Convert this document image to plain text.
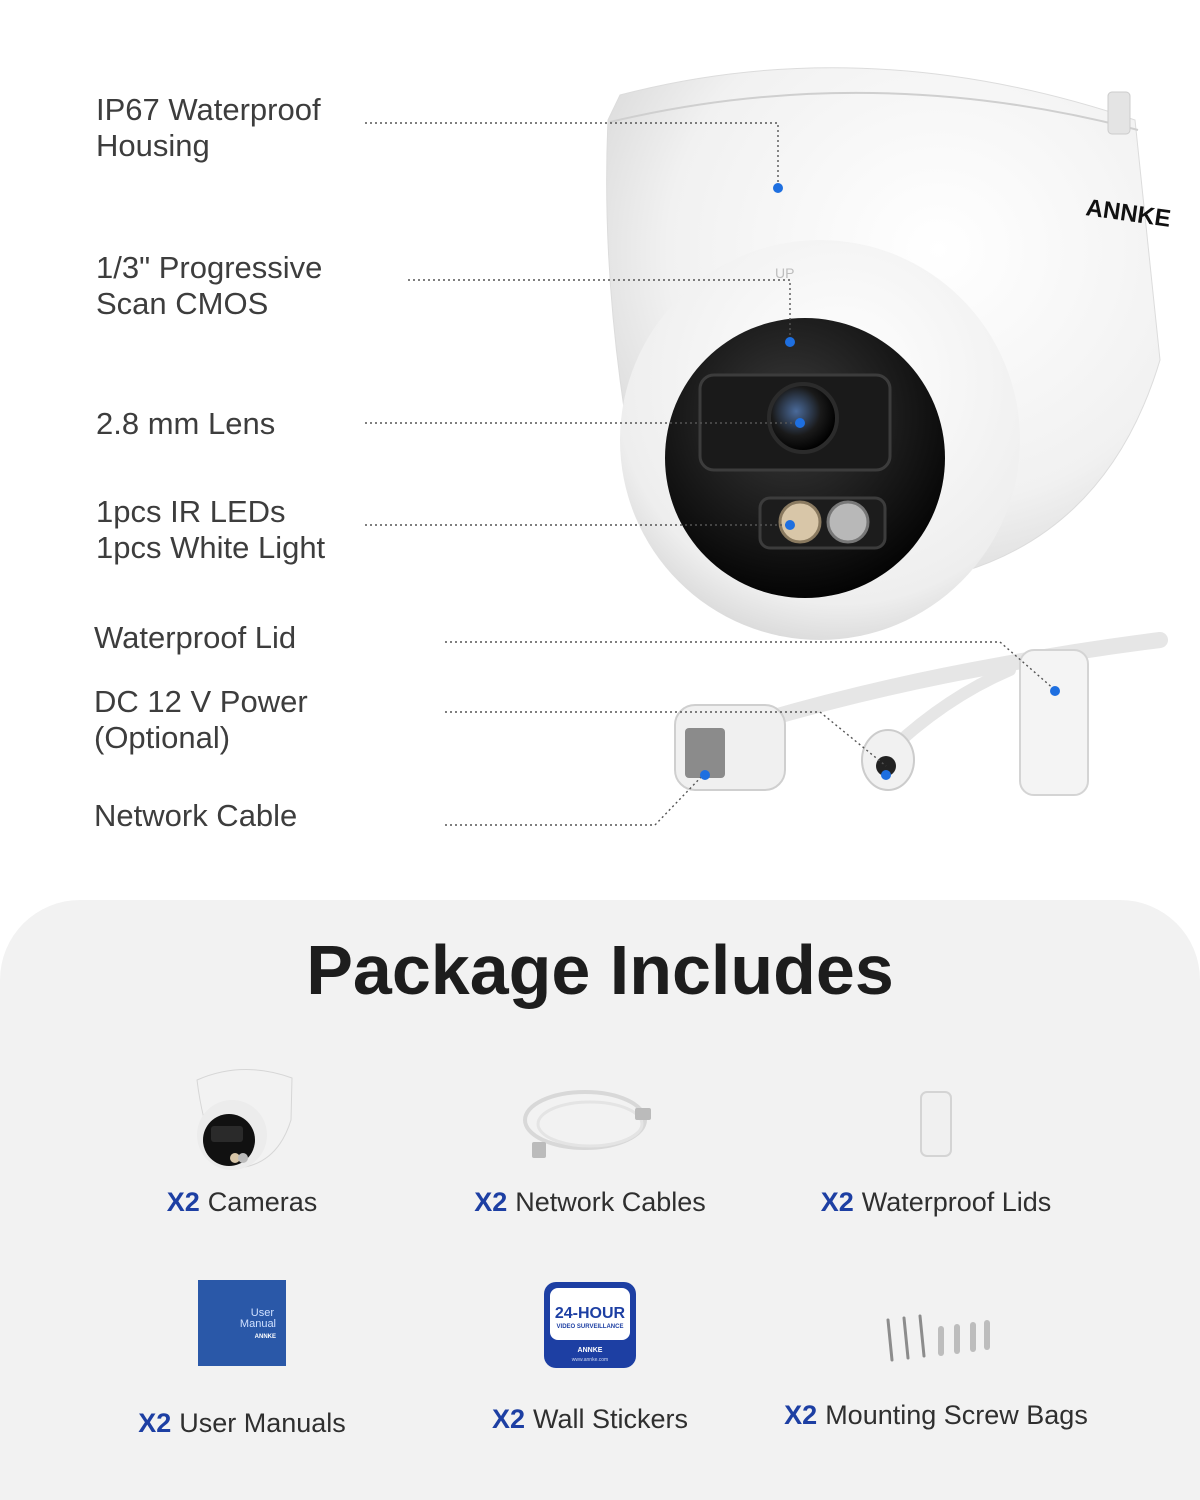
ANNKE
UP
IP67 Waterproof
Housing
1/3" Progressive
Scan CMOS
2.8 mm Lens
1pcs IR LEDs
1pcs White Light
Waterproof Lid
DC 12 V Power
(Optional)
Network Cable
Package Includes
X2 Cameras	X2 Network Cables	X2 Waterproof Lids
User
Manual
ANNKE
X2 User Manuals
24-HOUR
VIDEO SURVEILLANCE
ANNKE
www.annke.com
X2 Wall Stickers	X2 Mounting Screw Bags
